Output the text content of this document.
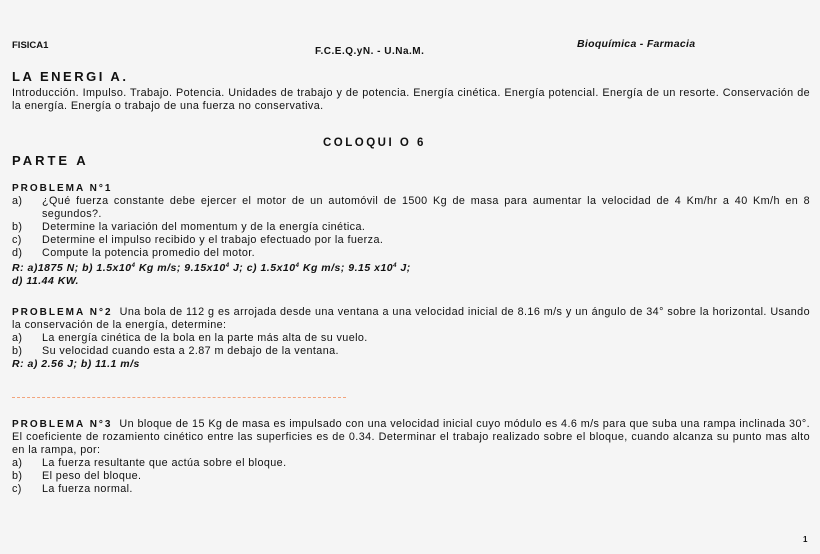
FISICA1
F.C.E.Q.yN. - U.Na.M.
Bioquímica - Farmacia
LA ENERGI A.
Introducción. Impulso. Trabajo. Potencia. Unidades de trabajo y de potencia. Energía cinética. Energía potencial. Energía de un resorte. Conservación de la energía. Energía o trabajo de una fuerza no conservativa.
COLOQUI O 6
PARTE A
PROBLEMA N°1
a)	¿Qué fuerza constante debe ejercer el motor de un automóvil de 1500 Kg de masa para aumentar la velocidad de 4 Km/hr a 40 Km/h en 8 segundos?.
b)	Determine la variación del momentum y de la energía cinética.
c)	Determine el impulso recibido y el trabajo efectuado por la fuerza.
d)	Compute la potencia promedio del motor.
R: a)1875 N; b) $1.5x10^4$ Kg m/s; $9.15x10^4$ J; c) $1.5x10^4$ Kg m/s; 9.15 $x10^4$ J;
d) 11.44 KW.
PROBLEMA N°2 Una bola de 112 g es arrojada desde una ventana a una velocidad inicial de 8.16 m/s y un ángulo de 34° sobre la horizontal. Usando la conservación de la energía, determine:
a)	La energía cinética de la bola en la parte más alta de su vuelo.
b)	Su velocidad cuando esta a 2.87 m debajo de la ventana.
R: a) 2.56 J; b) 11.1 m/s
PROBLEMA N°3 Un bloque de 15 Kg de masa es impulsado con una velocidad inicial cuyo módulo es 4.6 m/s para que suba una rampa inclinada 30°. El coeficiente de rozamiento cinético entre las superficies es de 0.34. Determinar el trabajo realizado sobre el bloque, cuando alcanza su punto mas alto en la rampa, por:
a)	La fuerza resultante que actúa sobre el bloque.
b)	El peso del bloque.
c)	La fuerza normal.
1
